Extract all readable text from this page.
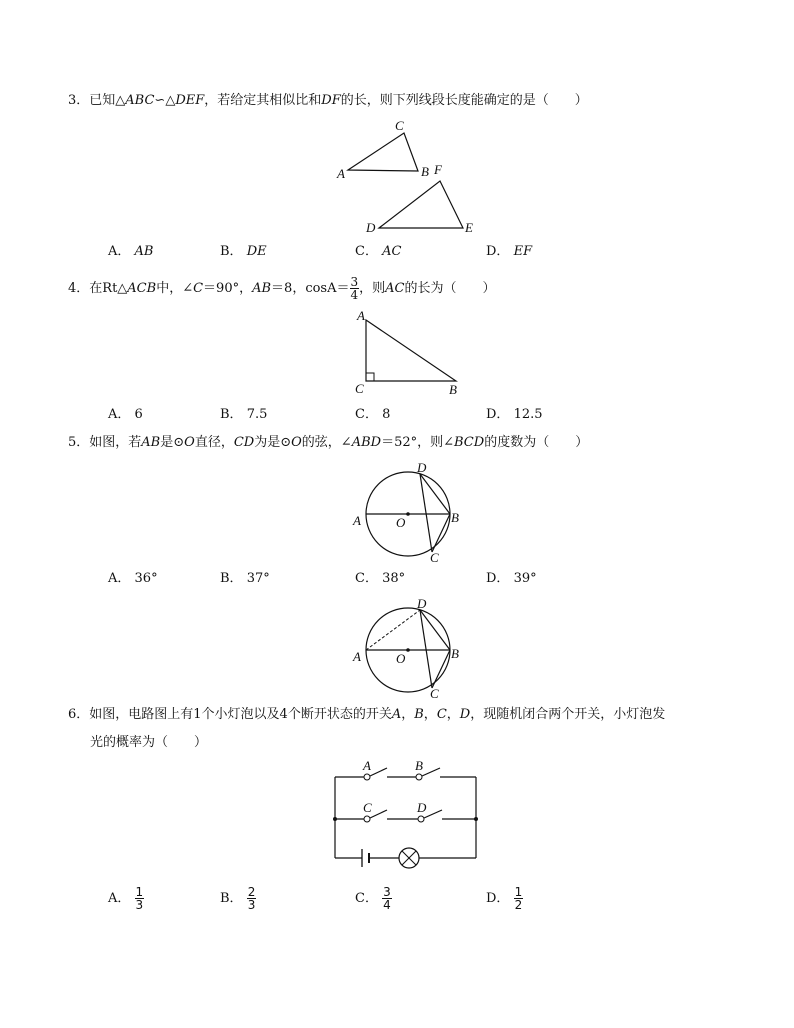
3．已知△ABC∽△DEF，若给定其相似比和DF的长，则下列线段长度能确定的是（　　）
A
C
B F
D	E
A． AB	B． DE	C． AC	D． EF
4．在Rt△ACB中，∠C＝90°，AB＝8，$\cos A= \frac{3}{4}$ ，则AC的长为（　　）
A
C	B
A． 6	B． 7.5	C． 8	D． 12.5
5．如图，若AB是⊙O直径，CD为是⊙O的弦，∠ABD＝52°，则∠BCD的度数为（　　）
A	O	B
D
C
A． 36°	B． 37°	C． 38°	D． 39°
A	O	B
D
C
6．如图，电路图上有1个小灯泡以及4个断开状态的开关A，B，C，D，现随机闭合两个开关，小灯泡发
光的概率为（　　）
A	B
C	D
A． $\frac{1}{3}$	B． $\frac{2}{3}$	C． $\frac{3}{4}$	D． $\frac{1}{2}$
